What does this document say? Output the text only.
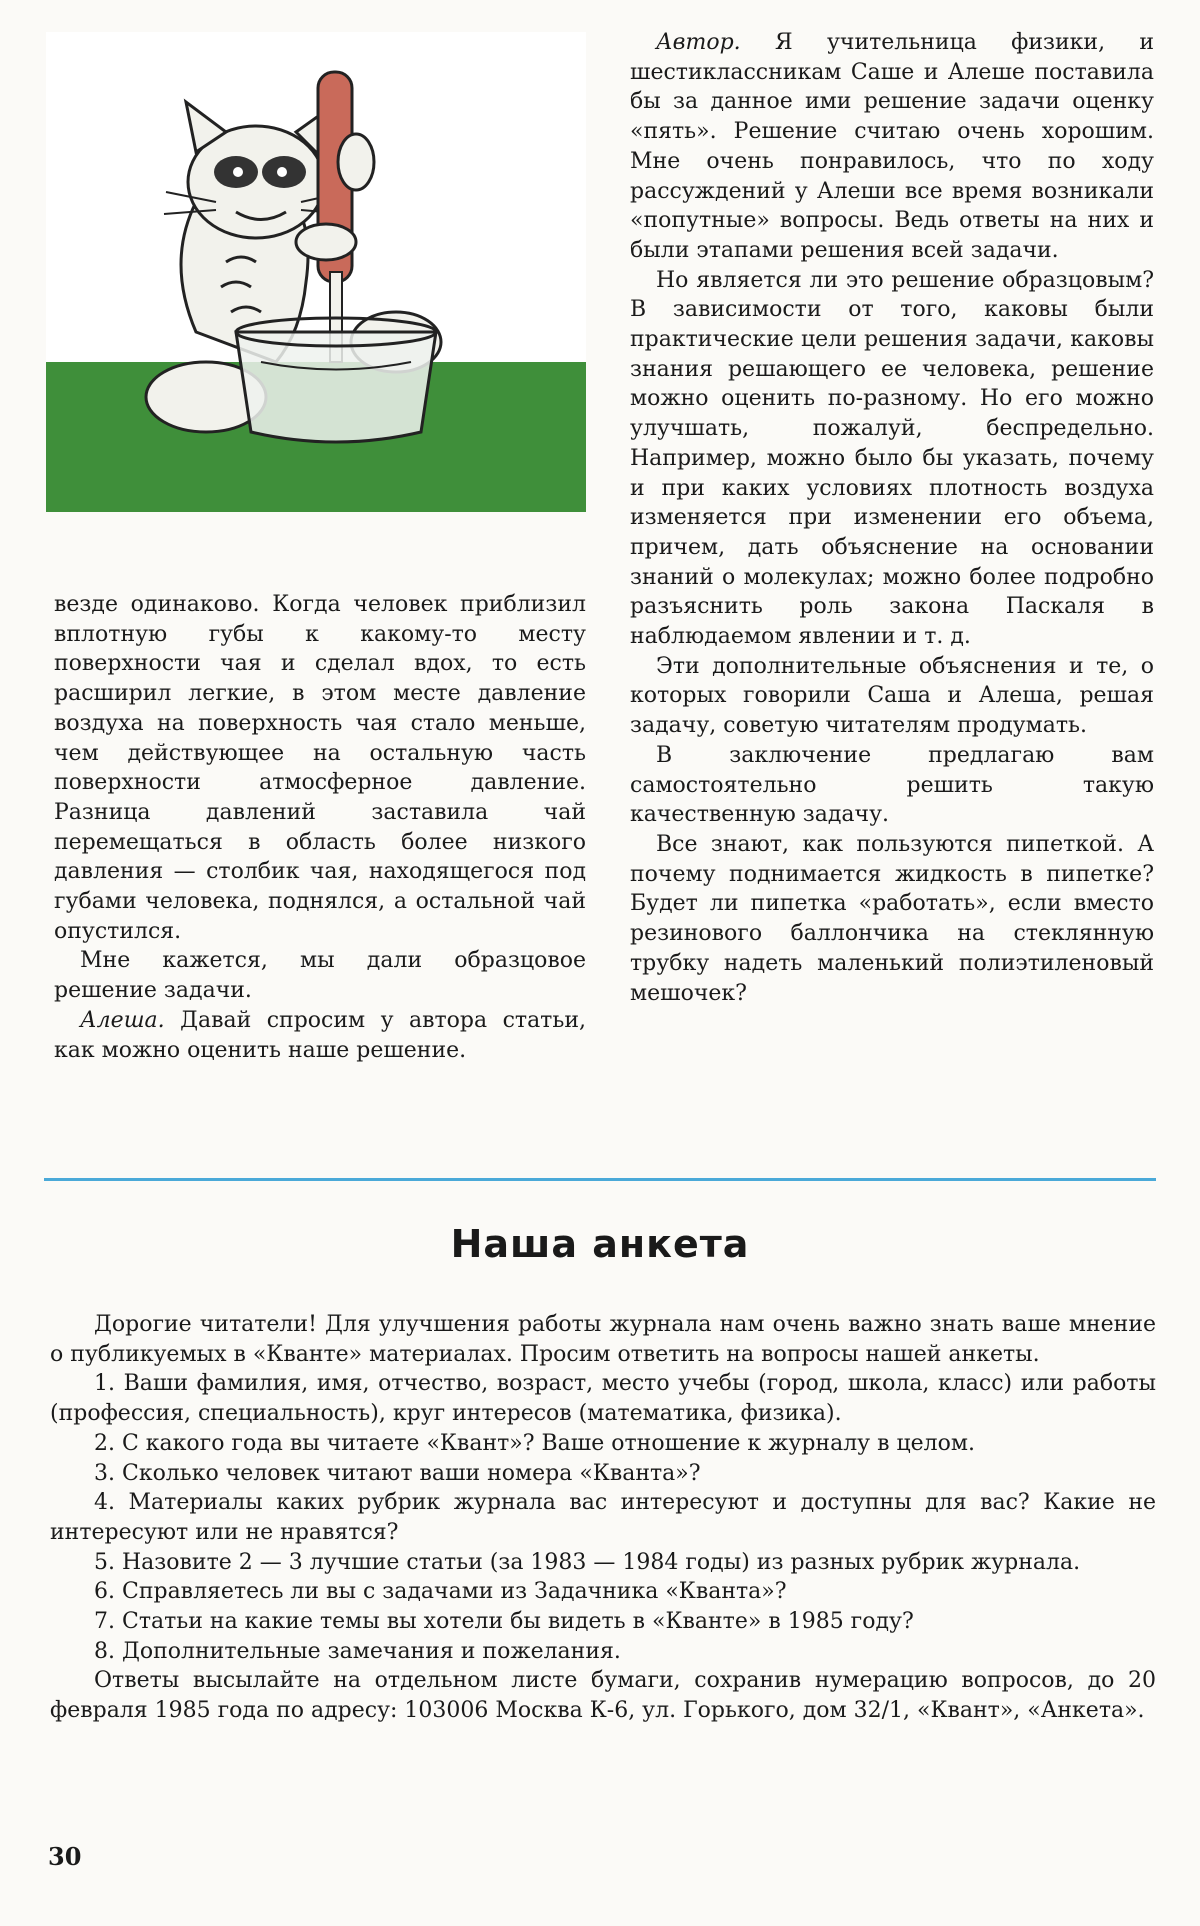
везде одинаково. Когда человек приблизил вплотную губы к какому-то месту поверхности чая и сделал вдох, то есть расширил легкие, в этом месте давление воздуха на поверхность чая стало меньше, чем действующее на остальную часть поверхности атмосферное давление. Разница давлений заставила чай перемещаться в область более низкого давления — столбик чая, находящегося под губами человека, поднялся, а остальной чай опустился.

Мне кажется, мы дали образцовое решение задачи.

Алеша. Давай спросим у автора статьи, как можно оценить наше решение.

Автор. Я учительница физики, и шестиклассникам Саше и Алеше поставила бы за данное ими решение задачи оценку «пять». Решение считаю очень хорошим. Мне очень понравилось, что по ходу рассуждений у Алеши все время возникали «попутные» вопросы. Ведь ответы на них и были этапами решения всей задачи.

Но является ли это решение образцовым? В зависимости от того, каковы были практические цели решения задачи, каковы знания решающего ее человека, решение можно оценить по-разному. Но его можно улучшать, пожалуй, беспредельно. Например, можно было бы указать, почему и при каких условиях плотность воздуха изменяется при изменении его объема, причем, дать объяснение на основании знаний о молекулах; можно более подробно разъяснить роль закона Паскаля в наблюдаемом явлении и т. д.

Эти дополнительные объяснения и те, о которых говорили Саша и Алеша, решая задачу, советую читателям продумать.

В заключение предлагаю вам самостоятельно решить такую качественную задачу.

Все знают, как пользуются пипеткой. А почему поднимается жидкость в пипетке? Будет ли пипетка «работать», если вместо резинового баллончика на стеклянную трубку надеть маленький полиэтиленовый мешочек?

Наша анкета

Дорогие читатели! Для улучшения работы журнала нам очень важно знать ваше мнение о публикуемых в «Кванте» материалах. Просим ответить на вопросы нашей анкеты.

1. Ваши фамилия, имя, отчество, возраст, место учебы (город, школа, класс) или работы (профессия, специальность), круг интересов (математика, физика).

2. С какого года вы читаете «Квант»? Ваше отношение к журналу в целом.

3. Сколько человек читают ваши номера «Кванта»?

4. Материалы каких рубрик журнала вас интересуют и доступны для вас? Какие не интересуют или не нравятся?

5. Назовите 2 — 3 лучшие статьи (за 1983 — 1984 годы) из разных рубрик журнала.

6. Справляетесь ли вы с задачами из Задачника «Кванта»?

7. Статьи на какие темы вы хотели бы видеть в «Кванте» в 1985 году?

8. Дополнительные замечания и пожелания.

Ответы высылайте на отдельном листе бумаги, сохранив нумерацию вопросов, до 20 февраля 1985 года по адресу: 103006 Москва К-6, ул. Горького, дом 32/1, «Квант», «Анкета».

30
